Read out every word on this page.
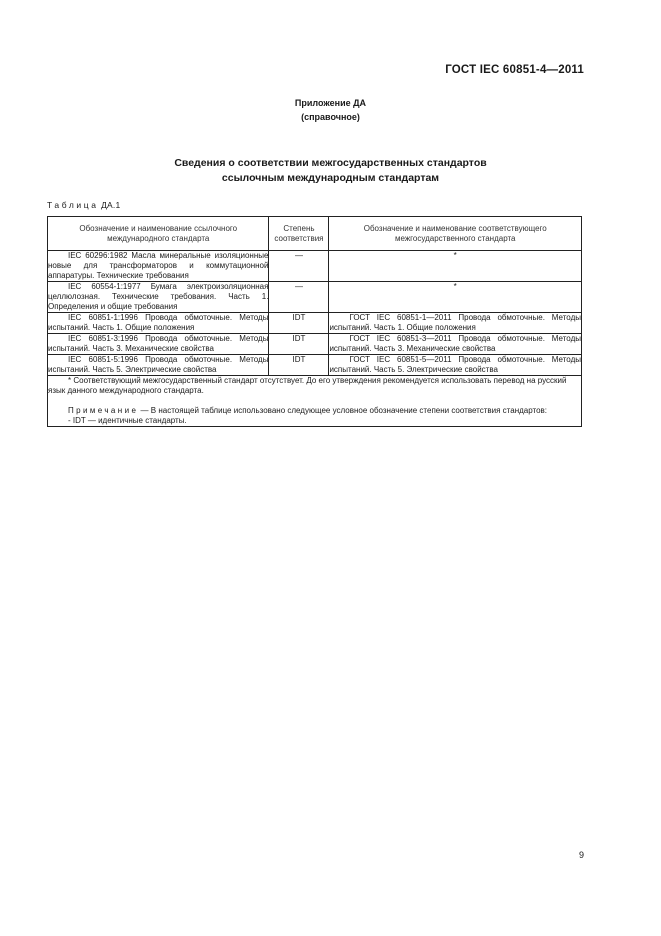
ГОСТ IEC 60851-4—2011
Приложение ДА
(справочное)
Сведения о соответствии межгосударственных стандартов
ссылочным международным стандартам
Таблица ДА.1
Обозначение и наименование ссылочного международного стандарта	Степень соответствия	Обозначение и наименование соответствующего межгосударственного стандарта
IEC 60296:1982 Масла минеральные изоляционные новые для трансформаторов и коммутационной аппаратуры. Технические требования	—	*
IEC 60554-1:1977 Бумага электроизоляционная целлюлозная. Технические требования. Часть 1. Определения и общие требования	—	*
IEC 60851-1:1996 Провода обмоточные. Методы испытаний. Часть 1. Общие положения	IDT	ГОСТ IEC 60851-1—2011 Провода обмоточные. Методы испытаний. Часть 1. Общие положения
IEC 60851-3:1996 Провода обмоточные. Методы испытаний. Часть 3. Механические свойства	IDT	ГОСТ IEC 60851-3—2011 Провода обмоточные. Методы испытаний. Часть 3. Механические свойства
IEC 60851-5:1996 Провода обмоточные. Методы испытаний. Часть 5. Электрические свойства	IDT	ГОСТ IEC 60851-5—2011 Провода обмоточные. Методы испытаний. Часть 5. Электрические свойства

* Соответствующий межгосударственный стандарт отсутствует. До его утверждения рекомендуется использовать перевод на русский язык данного международного стандарта.

Примечание — В настоящей таблице использовано следующее условное обозначение степени соответствия стандартов:

- IDT — идентичные стандарты.		

9
